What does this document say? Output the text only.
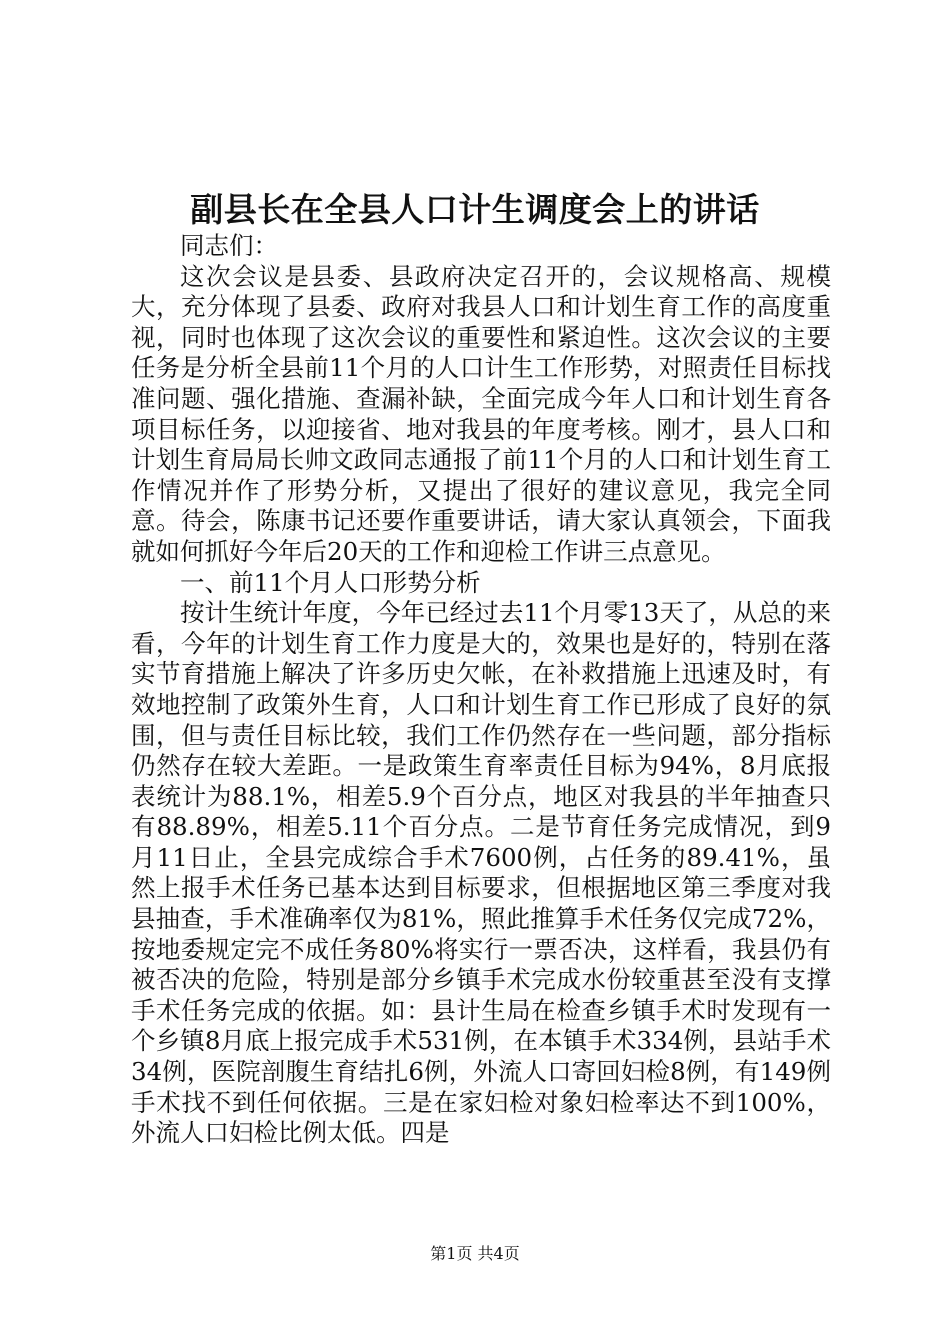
副县长在全县人口计生调度会上的讲话

同志们：

这次会议是县委、县政府决定召开的，会议规格高、规模大，充分体现了县委、政府对我县人口和计划生育工作的高度重视，同时也体现了这次会议的重要性和紧迫性。这次会议的主要任务是分析全县前11个月的人口计生工作形势，对照责任目标找准问题、强化措施、查漏补缺，全面完成今年人口和计划生育各项目标任务，以迎接省、地对我县的年度考核。刚才，县人口和计划生育局局长帅文政同志通报了前11个月的人口和计划生育工作情况并作了形势分析，又提出了很好的建议意见，我完全同意。待会，陈康书记还要作重要讲话，请大家认真领会，下面我就如何抓好今年后20天的工作和迎检工作讲三点意见。

一、前11个月人口形势分析

按计生统计年度，今年已经过去11个月零13天了，从总的来看，今年的计划生育工作力度是大的，效果也是好的，特别在落实节育措施上解决了许多历史欠帐，在补救措施上迅速及时，有效地控制了政策外生育，人口和计划生育工作已形成了良好的氛围，但与责任目标比较，我们工作仍然存在一些问题，部分指标仍然存在较大差距。一是政策生育率责任目标为94%，8月底报表统计为88.1%，相差5.9个百分点，地区对我县的半年抽查只有88.89%，相差5.11个百分点。二是节育任务完成情况，到9月11日止，全县完成综合手术7600例，占任务的89.41%，虽然上报手术任务已基本达到目标要求，但根据地区第三季度对我县抽查，手术准确率仅为81%，照此推算手术任务仅完成72%，按地委规定完不成任务80%将实行一票否决，这样看，我县仍有被否决的危险，特别是部分乡镇手术完成水份较重甚至没有支撑手术任务完成的依据。如：县计生局在检查乡镇手术时发现有一个乡镇8月底上报完成手术531例，在本镇手术334例，县站手术34例，医院剖腹生育结扎6例，外流人口寄回妇检8例，有149例手术找不到任何依据。三是在家妇检对象妇检率达不到100%，外流人口妇检比例太低。四是

第1页 共4页
